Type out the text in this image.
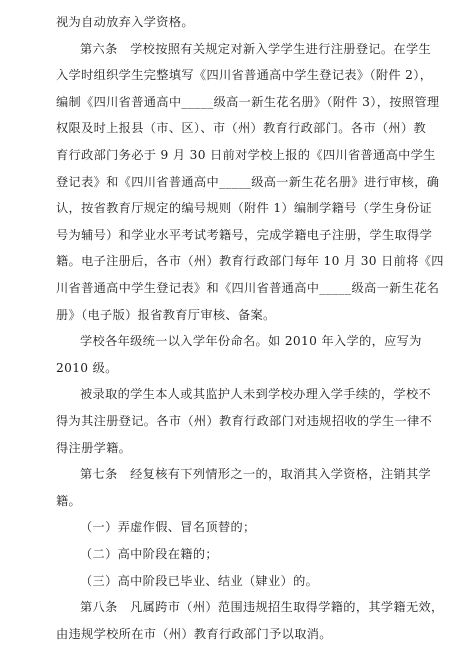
视为自动放弃入学资格。
第六条　学校按照有关规定对新入学学生进行注册登记。在学生
入学时组织学生完整填写《四川省普通高中学生登记表》（附件 2），
编制《四川省普通高中_____级高一新生花名册》（附件 3），按照管理
权限及时上报县（市、区）、市（州）教育行政部门。各市（州）教
育行政部门务必于 9 月 30 日前对学校上报的《四川省普通高中学生
登记表》和《四川省普通高中_____级高一新生花名册》进行审核，确
认，按省教育厅规定的编号规则（附件 1）编制学籍号（学生身份证
号为辅号）和学业水平考试考籍号，完成学籍电子注册，学生取得学
籍。电子注册后，各市（州）教育行政部门每年 10 月 30 日前将《四
川省普通高中学生登记表》和《四川省普通高中_____级高一新生花名
册》（电子版）报省教育厅审核、备案。
学校各年级统一以入学年份命名。如 2010 年入学的，应写为
2010 级。
被录取的学生本人或其监护人未到学校办理入学手续的，学校不
得为其注册登记。各市（州）教育行政部门对违规招收的学生一律不
得注册学籍。
第七条　经复核有下列情形之一的，取消其入学资格，注销其学
籍。
（一）弄虚作假、冒名顶替的；
（二）高中阶段在籍的；
（三）高中阶段已毕业、结业（肄业）的。
第八条　凡属跨市（州）范围违规招生取得学籍的，其学籍无效，
由违规学校所在市（州）教育行政部门予以取消。
